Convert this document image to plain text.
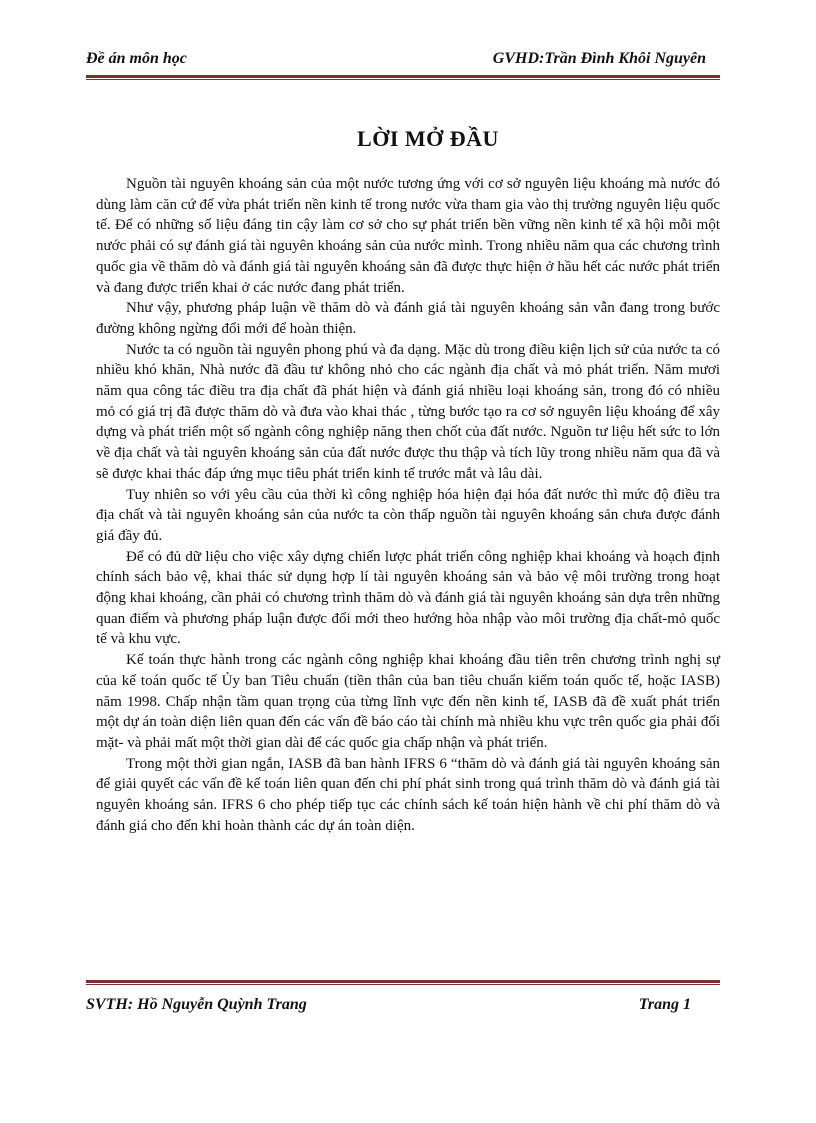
Đề án môn học	GVHD:Trần Đình Khôi Nguyên
LỜI MỞ ĐẦU

Nguồn tài nguyên khoáng sản của một nước tương ứng với cơ sở nguyên liệu khoáng mà nước đó dùng làm căn cứ để vừa phát triển nền kinh tế trong nước vừa tham gia vào thị trường nguyên liệu quốc tế. Để có những số liệu đáng tin cậy làm cơ sở cho sự phát triển bền vững nền kinh tế xã hội mỗi một nước phải có sự đánh giá tài nguyên khoáng sản của nước mình. Trong nhiều năm qua các chương trình quốc gia về thăm dò và đánh giá tài nguyên khoáng sản đã được thực hiện ở hầu hết các nước phát triển và đang được triển khai ở các nước đang phát triển.

Như vậy, phương pháp luận về thăm dò và đánh giá tài nguyên khoáng sản vẫn đang trong bước đường không ngừng đổi mới để hoàn thiện.

Nước ta có nguồn tài nguyên phong phú và đa dạng. Mặc dù trong điều kiện lịch sử của nước ta có nhiều khó khăn, Nhà nước đã đầu tư không nhỏ cho các ngành địa chất và mỏ phát triển. Năm mươi năm qua công tác điều tra địa chất đã phát hiện và đánh giá nhiều loại khoáng sản, trong đó có nhiều mỏ có giá trị đã được thăm dò và đưa vào khai thác , từng bước tạo ra cơ sở nguyên liệu khoáng để xây dựng và phát triển một số ngành công nghiệp năng then chốt của đất nước. Nguồn tư liệu hết sức to lớn về địa chất và tài nguyên khoáng sản của đất nước được thu thập và tích lũy trong nhiều năm qua đã và sẽ được khai thác đáp ứng mục tiêu phát triển kinh tế trước mắt và lâu dài.

Tuy nhiên so với yêu cầu của thời kì công nghiệp hóa hiện đại hóa đất nước thì mức độ điều tra địa chất và tài nguyên khoáng sản của nước ta còn thấp nguồn tài nguyên khoáng sản chưa được đánh giá đầy đủ.

Để có đủ dữ liệu cho việc xây dựng chiến lược phát triển công nghiệp khai khoáng và hoạch định chính sách bảo vệ, khai thác sử dụng hợp lí tài nguyên khoáng sản và bảo vệ môi trường trong hoạt động khai khoáng, cần phải có chương trình thăm dò và đánh giá tài nguyên khoáng sản dựa trên những quan điểm và phương pháp luận được đổi mới theo hướng hòa nhập vào môi trường địa chất-mỏ quốc tế và khu vực.

Kế toán thực hành trong các ngành công nghiệp khai khoáng đầu tiên trên chương trình nghị sự của kế toán quốc tế Ủy ban Tiêu chuẩn (tiền thân của ban tiêu chuẩn kiểm toán quốc tế, hoặc IASB) năm 1998. Chấp nhận tầm quan trọng của từng lĩnh vực đến nền kinh tế, IASB đã đề xuất phát triển một dự án toàn diện liên quan đến các vấn đề báo cáo tài chính mà nhiều khu vực trên quốc gia phải đối mặt- và phải mất một thời gian dài để các quốc gia chấp nhận và phát triển.

Trong một thời gian ngắn, IASB đã ban hành IFRS 6 “thăm dò và đánh giá tài nguyên khoáng sản để giải quyết các vấn đề kế toán liên quan đến chi phí phát sinh trong quá trình thăm dò và đánh giá tài nguyên khoáng sản. IFRS 6 cho phép tiếp tục các chính sách kế toán hiện hành về chi phí thăm dò và đánh giá cho đến khi hoàn thành các dự án toàn diện.

SVTH: Hồ Nguyễn Quỳnh Trang	Trang 1
